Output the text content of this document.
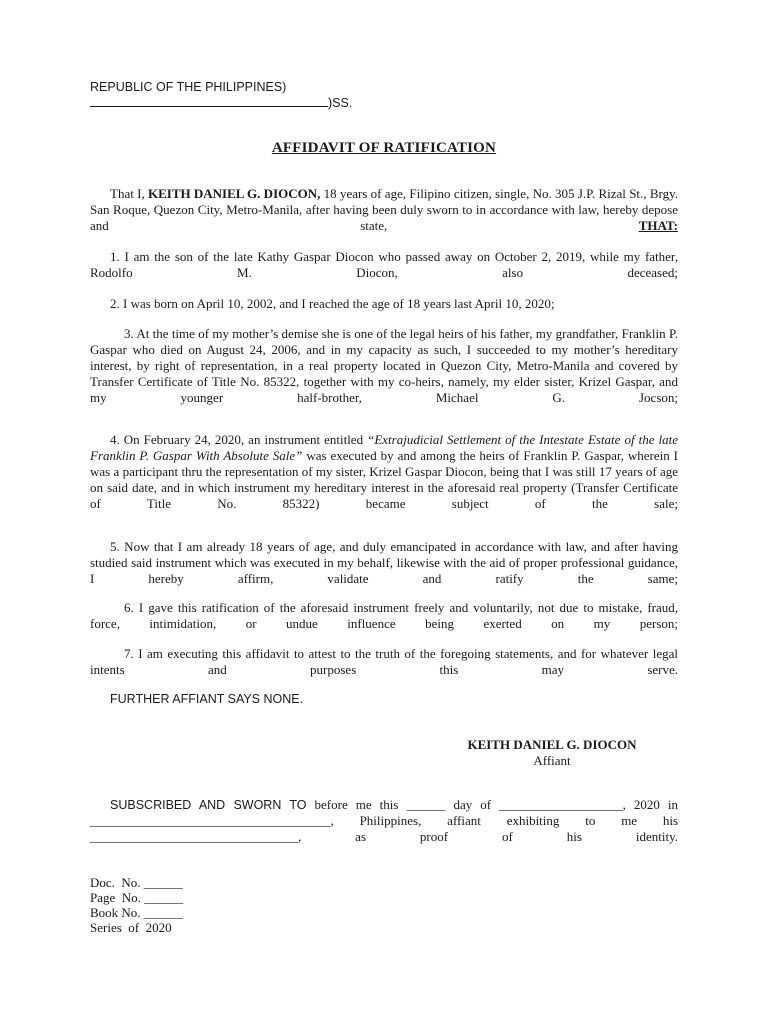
REPUBLIC OF THE PHILIPPINES)
)SS.
AFFIDAVIT OF RATIFICATION

That I, KEITH DANIEL G. DIOCON, 18 years of age, Filipino citizen, single, No. 305 J.P. Rizal St., Brgy. San Roque, Quezon City, Metro-Manila, after having been duly sworn to in accordance with law, hereby depose and state, THAT:

1. I am the son of the late Kathy Gaspar Diocon who passed away on October 2, 2019, while my father, Rodolfo M. Diocon, also deceased;

2. I was born on April 10, 2002, and I reached the age of 18 years last April 10, 2020;

3. At the time of my mother’s demise she is one of the legal heirs of his father, my grandfather, Franklin P. Gaspar who died on August 24, 2006, and in my capacity as such, I succeeded to my mother’s hereditary interest, by right of representation, in a real property located in Quezon City, Metro-Manila and covered by Transfer Certificate of Title No. 85322, together with my co-heirs, namely, my elder sister, Krizel Gaspar, and my younger half-brother, Michael G. Jocson;

4. On February 24, 2020, an instrument entitled “Extrajudicial Settlement of the Intestate Estate of the late Franklin P. Gaspar With Absolute Sale” was executed by and among the heirs of Franklin P. Gaspar, wherein I was a participant thru the representation of my sister, Krizel Gaspar Diocon, being that I was still 17 years of age on said date, and in which instrument my hereditary interest in the aforesaid real property (Transfer Certificate of Title No. 85322) became subject of the sale;

5. Now that I am already 18 years of age, and duly emancipated in accordance with law, and after having studied said instrument which was executed in my behalf, likewise with the aid of proper professional guidance, I hereby affirm, validate and ratify the same;

6. I gave this ratification of the aforesaid instrument freely and voluntarily, not due to mistake, fraud, force, intimidation, or undue influence being exerted on my person;

7. I am executing this affidavit to attest to the truth of the foregoing statements, and for whatever legal intents and purposes this may serve.

FURTHER AFFIANT SAYS NONE.

KEITH DANIEL G. DIOCON
Affiant

SUBSCRIBED AND SWORN TO before me this ______ day of ___________________, 2020 in _____________________________________, Philippines, affiant exhibiting to me his ________________________________, as proof of his identity.

Doc.  No. ______
Page  No. ______
Book No. ______
Series  of  2020
